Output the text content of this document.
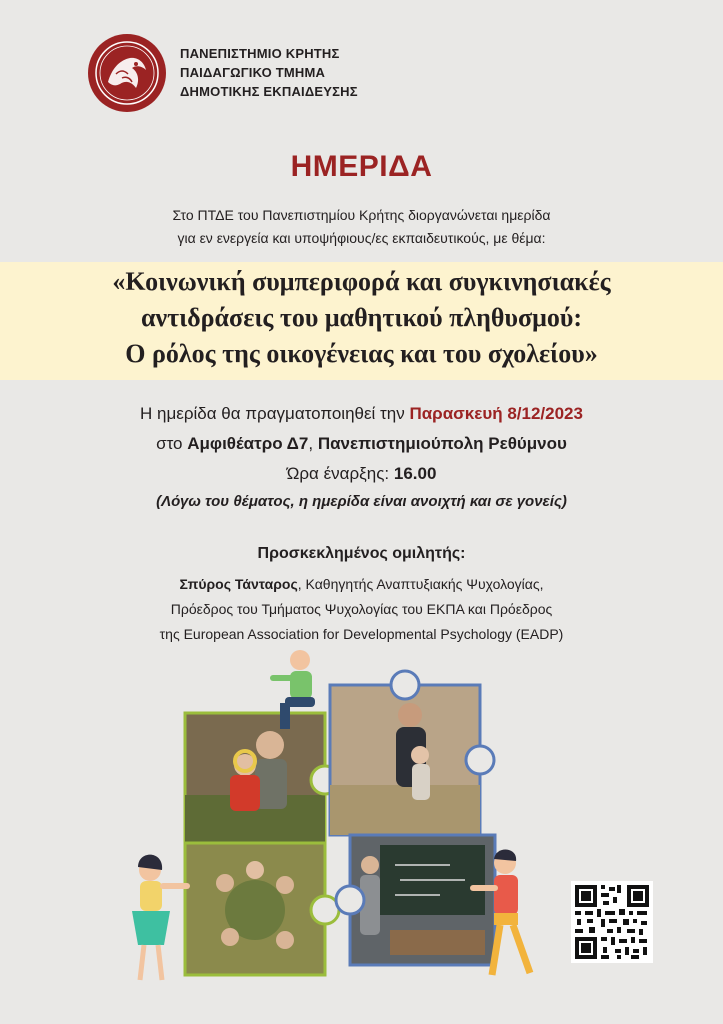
ΠΑΝΕΠΙΣΤΗΜΙΟ ΚΡΗΤΗΣ
ΠΑΙΔΑΓΩΓΙΚΟ ΤΜΗΜΑ
ΔΗΜΟΤΙΚΗΣ ΕΚΠΑΙΔΕΥΣΗΣ
ΗΜΕΡΙΔΑ
Στο ΠΤΔΕ του Πανεπιστημίου Κρήτης διοργανώνεται ημερίδα
για εν ενεργεία και υποψήφιους/ες εκπαιδευτικούς, με θέμα:
«Κοινωνική συμπεριφορά και συγκινησιακές
αντιδράσεις του μαθητικού πληθυσμού:
Ο ρόλος της οικογένειας και του σχολείου»
Η ημερίδα θα πραγματοποιηθεί την Παρασκευή 8/12/2023
στο Αμφιθέατρο Δ7, Πανεπιστημιούπολη Ρεθύμνου
Ώρα έναρξης: 16.00
(Λόγω του θέματος, η ημερίδα είναι ανοιχτή και σε γονείς)
Προσκεκλημένος ομιλητής:
Σπύρος Τάνταρος, Καθηγητής Αναπτυξιακής Ψυχολογίας,
Πρόεδρος του Τμήματος Ψυχολογίας του ΕΚΠΑ και Πρόεδρος
της European Association for Developmental Psychology (EADP)
